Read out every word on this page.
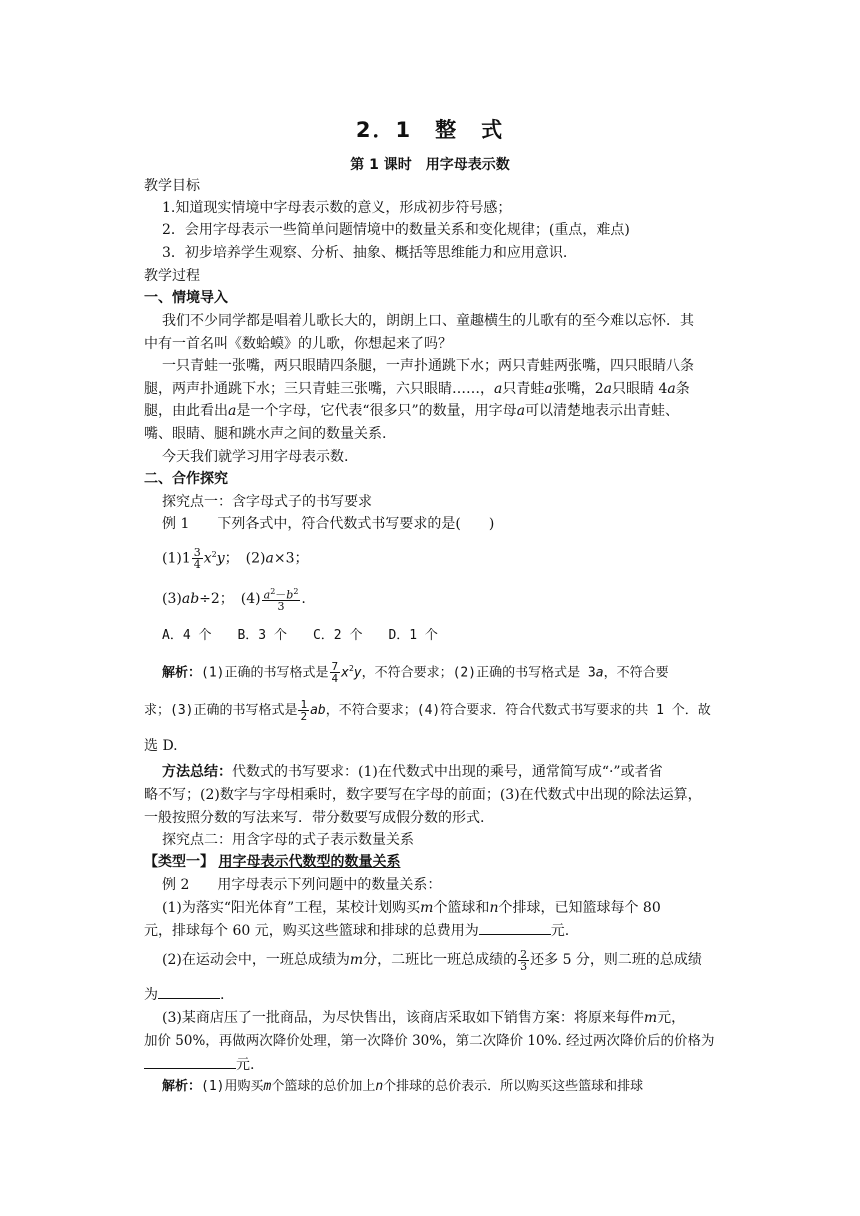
2．1　整　式
第 1 课时　用字母表示数
教学目标
1.知道现实情境中字母表示数的意义，形成初步符号感；
2．会用字母表示一些简单问题情境中的数量关系和变化规律；(重点，难点)
3．初步培养学生观察、分析、抽象、概括等思维能力和应用意识.
教学过程
一、情境导入
我们不少同学都是唱着儿歌长大的，朗朗上口、童趣横生的儿歌有的至今难以忘怀．其
中有一首名叫《数蛤蟆》的儿歌，你想起来了吗？
一只青蛙一张嘴，两只眼睛四条腿，一声扑通跳下水；两只青蛙两张嘴，四只眼睛八条
腿，两声扑通跳下水；三只青蛙三张嘴，六只眼睛……，a只青蛙a张嘴，2a只眼睛 4a条
腿，由此看出a是一个字母，它代表“很多只”的数量，用字母a可以清楚地表示出青蛙、
嘴、眼睛、腿和跳水声之间的数量关系.
今天我们就学习用字母表示数.
二、合作探究
探究点一：含字母式子的书写要求
例 1　　下列各式中，符合代数式书写要求的是(　　)
$(1)1 \frac{3}{4} x^2y$；　(2)a×3；
(3)ab÷2；　$(4) \frac{a^2-b^2}{3}$ .
A．4 个　　B．3 个　　C．2 个　　D．1 个
解析：(1)正确的书写格式是 $\frac{7}{4} x^2y$，不符合要求；(2)正确的书写格式是 3a，不符合要
求；(3)正确的书写格式是 $\frac{1}{2}$ ab，不符合要求；(4)符合要求．符合代数式书写要求的共 1 个．故
选 D.
方法总结：代数式的书写要求：(1)在代数式中出现的乘号，通常简写成“·”或者省
略不写；(2)数字与字母相乘时，数字要写在字母的前面；(3)在代数式中出现的除法运算，
一般按照分数的写法来写．带分数要写成假分数的形式.
探究点二：用含字母的式子表示数量关系
【类型一】 用字母表示代数型的数量关系
例 2　　用字母表示下列问题中的数量关系：
(1)为落实“阳光体育”工程，某校计划购买m个篮球和n个排球，已知篮球每个 80
元，排球每个 60 元，购买这些篮球和排球的总费用为	元.
(2)在运动会中，一班总成绩为m分，二班比一班总成绩的 $\frac{2}{3}$ 还多 5 分，则二班的总成绩
为	.
(3)某商店压了一批商品，为尽快售出，该商店采取如下销售方案：将原来每件m元，
加价 50%，再做两次降价处理，第一次降价 30%，第二次降价 10%. 经过两次降价后的价格为
元.
解析：(1)用购买m个篮球的总价加上n个排球的总价表示．所以购买这些篮球和排球
